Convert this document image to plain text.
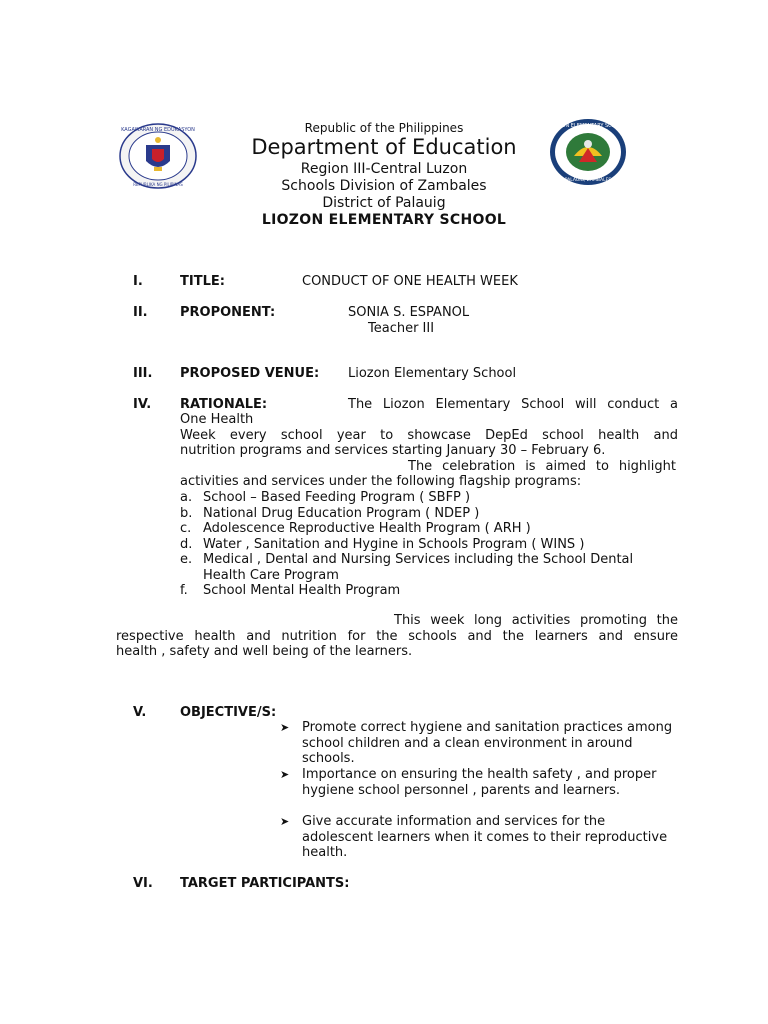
KAGAWARAN NG EDUKASYON
REPUBLIKA NG PILIPINAS
LIOZON ELEMENTARY SCHOOL
PALAUIG, ZAMBALES
Republic of the Philippines
Department of Education
Region III-Central Luzon
Schools Division of Zambales
District of Palauig
LIOZON ELEMENTARY SCHOOL
I.	TITLE:	CONDUCT OF ONE HEALTH WEEK
II. PROPONENT:	SONIA S. ESPANOL
Teacher III
III. PROPOSED VENUE: Liozon Elementary School
IV. RATIONALE:	The Liozon Elementary School will conduct a
One Health
Week every school year to showcase DepEd school health and
nutrition programs and services starting January 30 – February 6.
The celebration is aimed to highlight
activities and services under the following flagship programs:
a. School – Based Feeding Program ( SBFP )
b. National Drug Education Program ( NDEP )
c. Adolescence Reproductive Health Program ( ARH )
d. Water , Sanitation and Hygine in Schools Program ( WINS )
e. Medical , Dental and Nursing Services including the School Dental Health Care Program
f. School Mental Health Program
This week long activities promoting the
respective health and nutrition for the schools and the learners and ensure
health , safety and well being of the learners.
V.	OBJECTIVE/S:
➤ Promote correct hygiene and sanitation practices among school children and a clean environment in around schools.
➤ Importance on ensuring the health safety , and proper hygiene school personnel , parents and learners.
➤ Give accurate information and services for the adolescent learners when it comes to their reproductive health.
VI. TARGET PARTICIPANTS:
